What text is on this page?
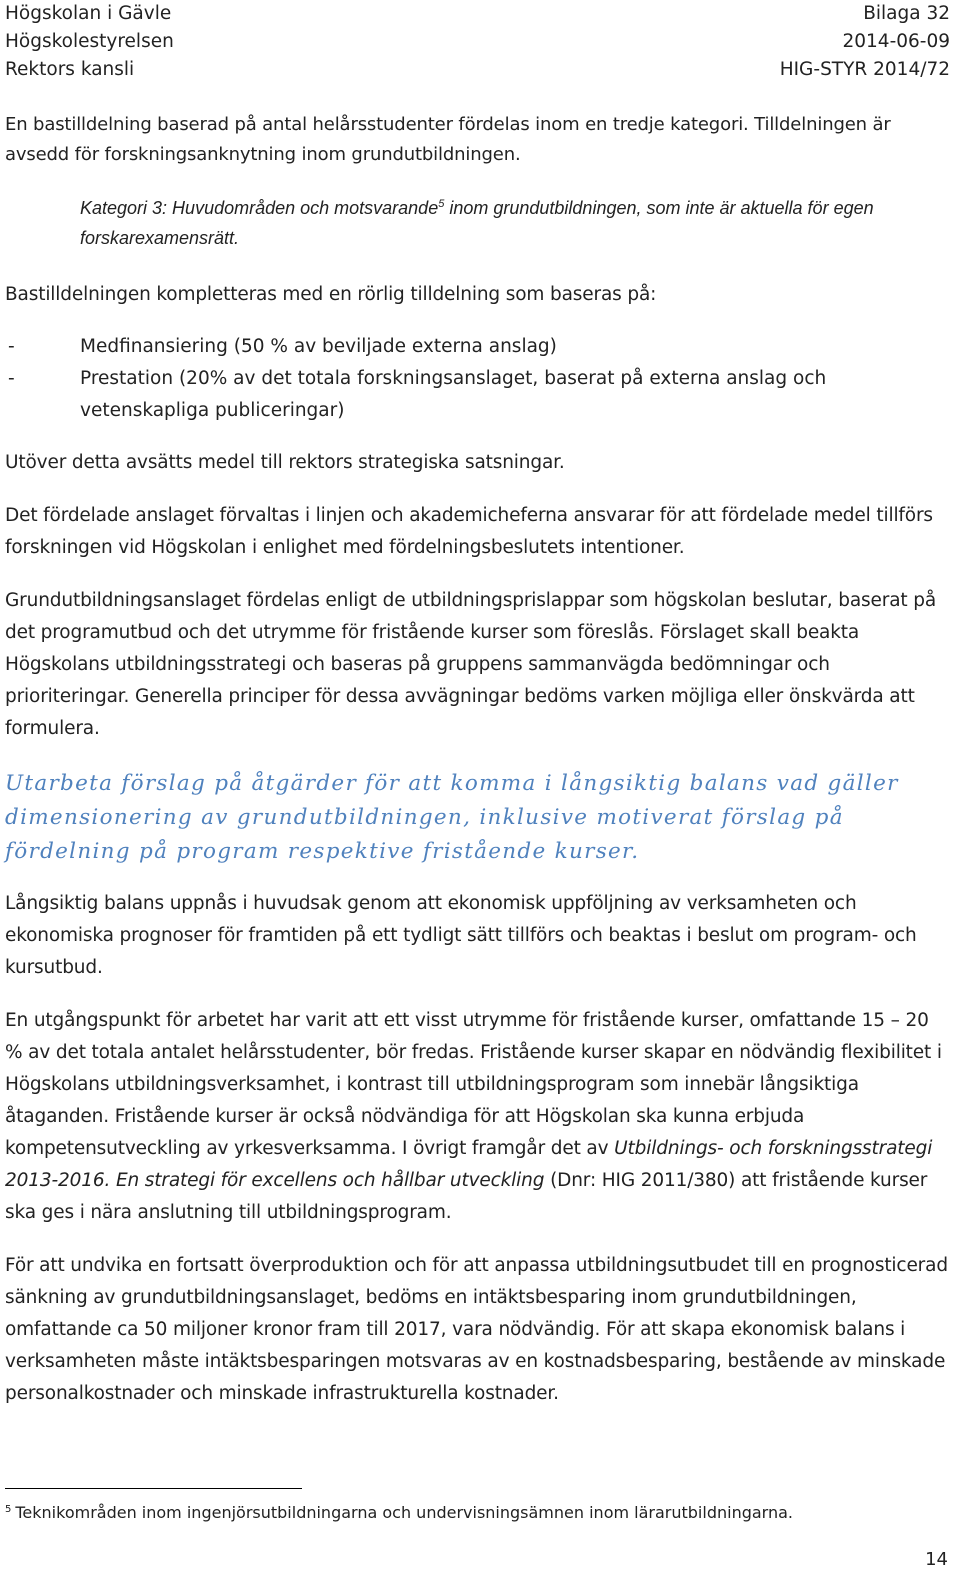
Högskolan i Gävle
Högskolestyrelsen
Rektors kansli
Bilaga 32
2014-06-09
HIG-STYR 2014/72

En bastilldelning baserad på antal helårsstudenter fördelas inom en tredje kategori. Tilldelningen är avsedd för forskningsanknytning inom grundutbildningen.

Kategori 3: Huvudområden och motsvarande$^5$ inom grundutbildningen, som inte är aktuella för egen forskarexamensrätt.

Bastilldelningen kompletteras med en rörlig tilldelning som baseras på:

-	Medfinansiering (50 % av beviljade externa anslag)
-	Prestation (20% av det totala forskningsanslaget, baserat på externa anslag och vetenskapliga publiceringar)

Utöver detta avsätts medel till rektors strategiska satsningar.

Det fördelade anslaget förvaltas i linjen och akademicheferna ansvarar för att fördelade medel tillförs forskningen vid Högskolan i enlighet med fördelningsbeslutets intentioner.

Grundutbildningsanslaget fördelas enligt de utbildningsprislappar som högskolan beslutar, baserat på det programutbud och det utrymme för fristående kurser som föreslås. Förslaget skall beakta Högskolans utbildningsstrategi och baseras på gruppens sammanvägda bedömningar och prioriteringar. Generella principer för dessa avvägningar bedöms varken möjliga eller önskvärda att formulera.

Utarbeta förslag på åtgärder för att komma i långsiktig balans vad gäller dimensionering av grundutbildningen, inklusive motiverat förslag på fördelning på program respektive fristående kurser.

Långsiktig balans uppnås i huvudsak genom att ekonomisk uppföljning av verksamheten och ekonomiska prognoser för framtiden på ett tydligt sätt tillförs och beaktas i beslut om program- och kursutbud.

En utgångspunkt för arbetet har varit att ett visst utrymme för fristående kurser, omfattande 15 – 20 % av det totala antalet helårsstudenter, bör fredas. Fristående kurser skapar en nödvändig flexibilitet i Högskolans utbildningsverksamhet, i kontrast till utbildningsprogram som innebär långsiktiga åtaganden. Fristående kurser är också nödvändiga för att Högskolan ska kunna erbjuda kompetensutveckling av yrkesverksamma. I övrigt framgår det av Utbildnings- och forskningsstrategi 2013-2016. En strategi för excellens och hållbar utveckling (Dnr: HIG 2011/380) att fristående kurser ska ges i nära anslutning till utbildningsprogram.

För att undvika en fortsatt överproduktion och för att anpassa utbildningsutbudet till en prognosticerad sänkning av grundutbildningsanslaget, bedöms en intäktsbesparing inom grundutbildningen, omfattande ca 50 miljoner kronor fram till 2017, vara nödvändig. För att skapa ekonomisk balans i verksamheten måste intäktsbesparingen motsvaras av en kostnadsbesparing, bestående av minskade personalkostnader och minskade infrastrukturella kostnader.

$^5$ Teknikområden inom ingenjörsutbildningarna och undervisningsämnen inom lärarutbildningarna.
14
